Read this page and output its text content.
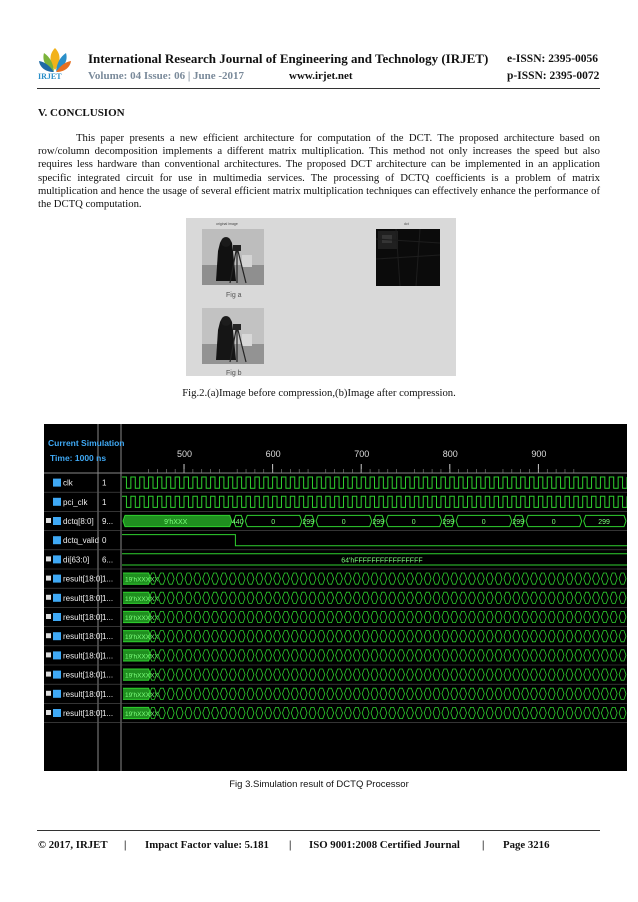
IRJET
International Research Journal of Engineering and Technology (IRJET) e-ISSN: 2395-0056
Volume: 04 Issue: 06 | June -2017	www.irjet.net	p-ISSN: 2395-0072
V. CONCLUSION
This paper presents a new efficient architecture for computation of the DCT. The proposed architecture based on row/column decomposition implements a different matrix multiplication. This method not only increases the speed but also requires less hardware than conventional architectures. The proposed DCT architecture can be implemented in an application specific integrated circuit for use in multimedia services. The processing of DCTQ coefficients is a problem of matrix multiplication and hence the usage of several efficient matrix multiplication techniques can effectively enhance the performance of the DCTQ computation.
original image	dct
Fig a
Fig b
Fig.2.(a)Image before compression,(b)Image after compression.
Current Simulation
Time: 1000 ns	500	600	700	800	900
clk	1
pci_clk 1
dctq[8:0] 9...	9'hXXX	440	0	299	0	299	0	299	0	299	0	299
dctq_valid 0
di[63:0] 6...	64'hFFFFFFFFFFFFFFFF
result[18:0] 1... 19'hXXXXX
result[18:0] 1... 19'hXXXXX
result[18:0] 1... 19'hXXXXX
result[18:0] 1... 19'hXXXXX
result[18:0] 1... 19'hXXXXX
result[18:0] 1... 19'hXXXXX
result[18:0] 1... 19'hXXXXX
result[18:0] 1... 19'hXXXXX
Fig 3.Simulation result of DCTQ Processor
© 2017, IRJET | Impact Factor value: 5.181 | ISO 9001:2008 Certified Journal | Page 3216
